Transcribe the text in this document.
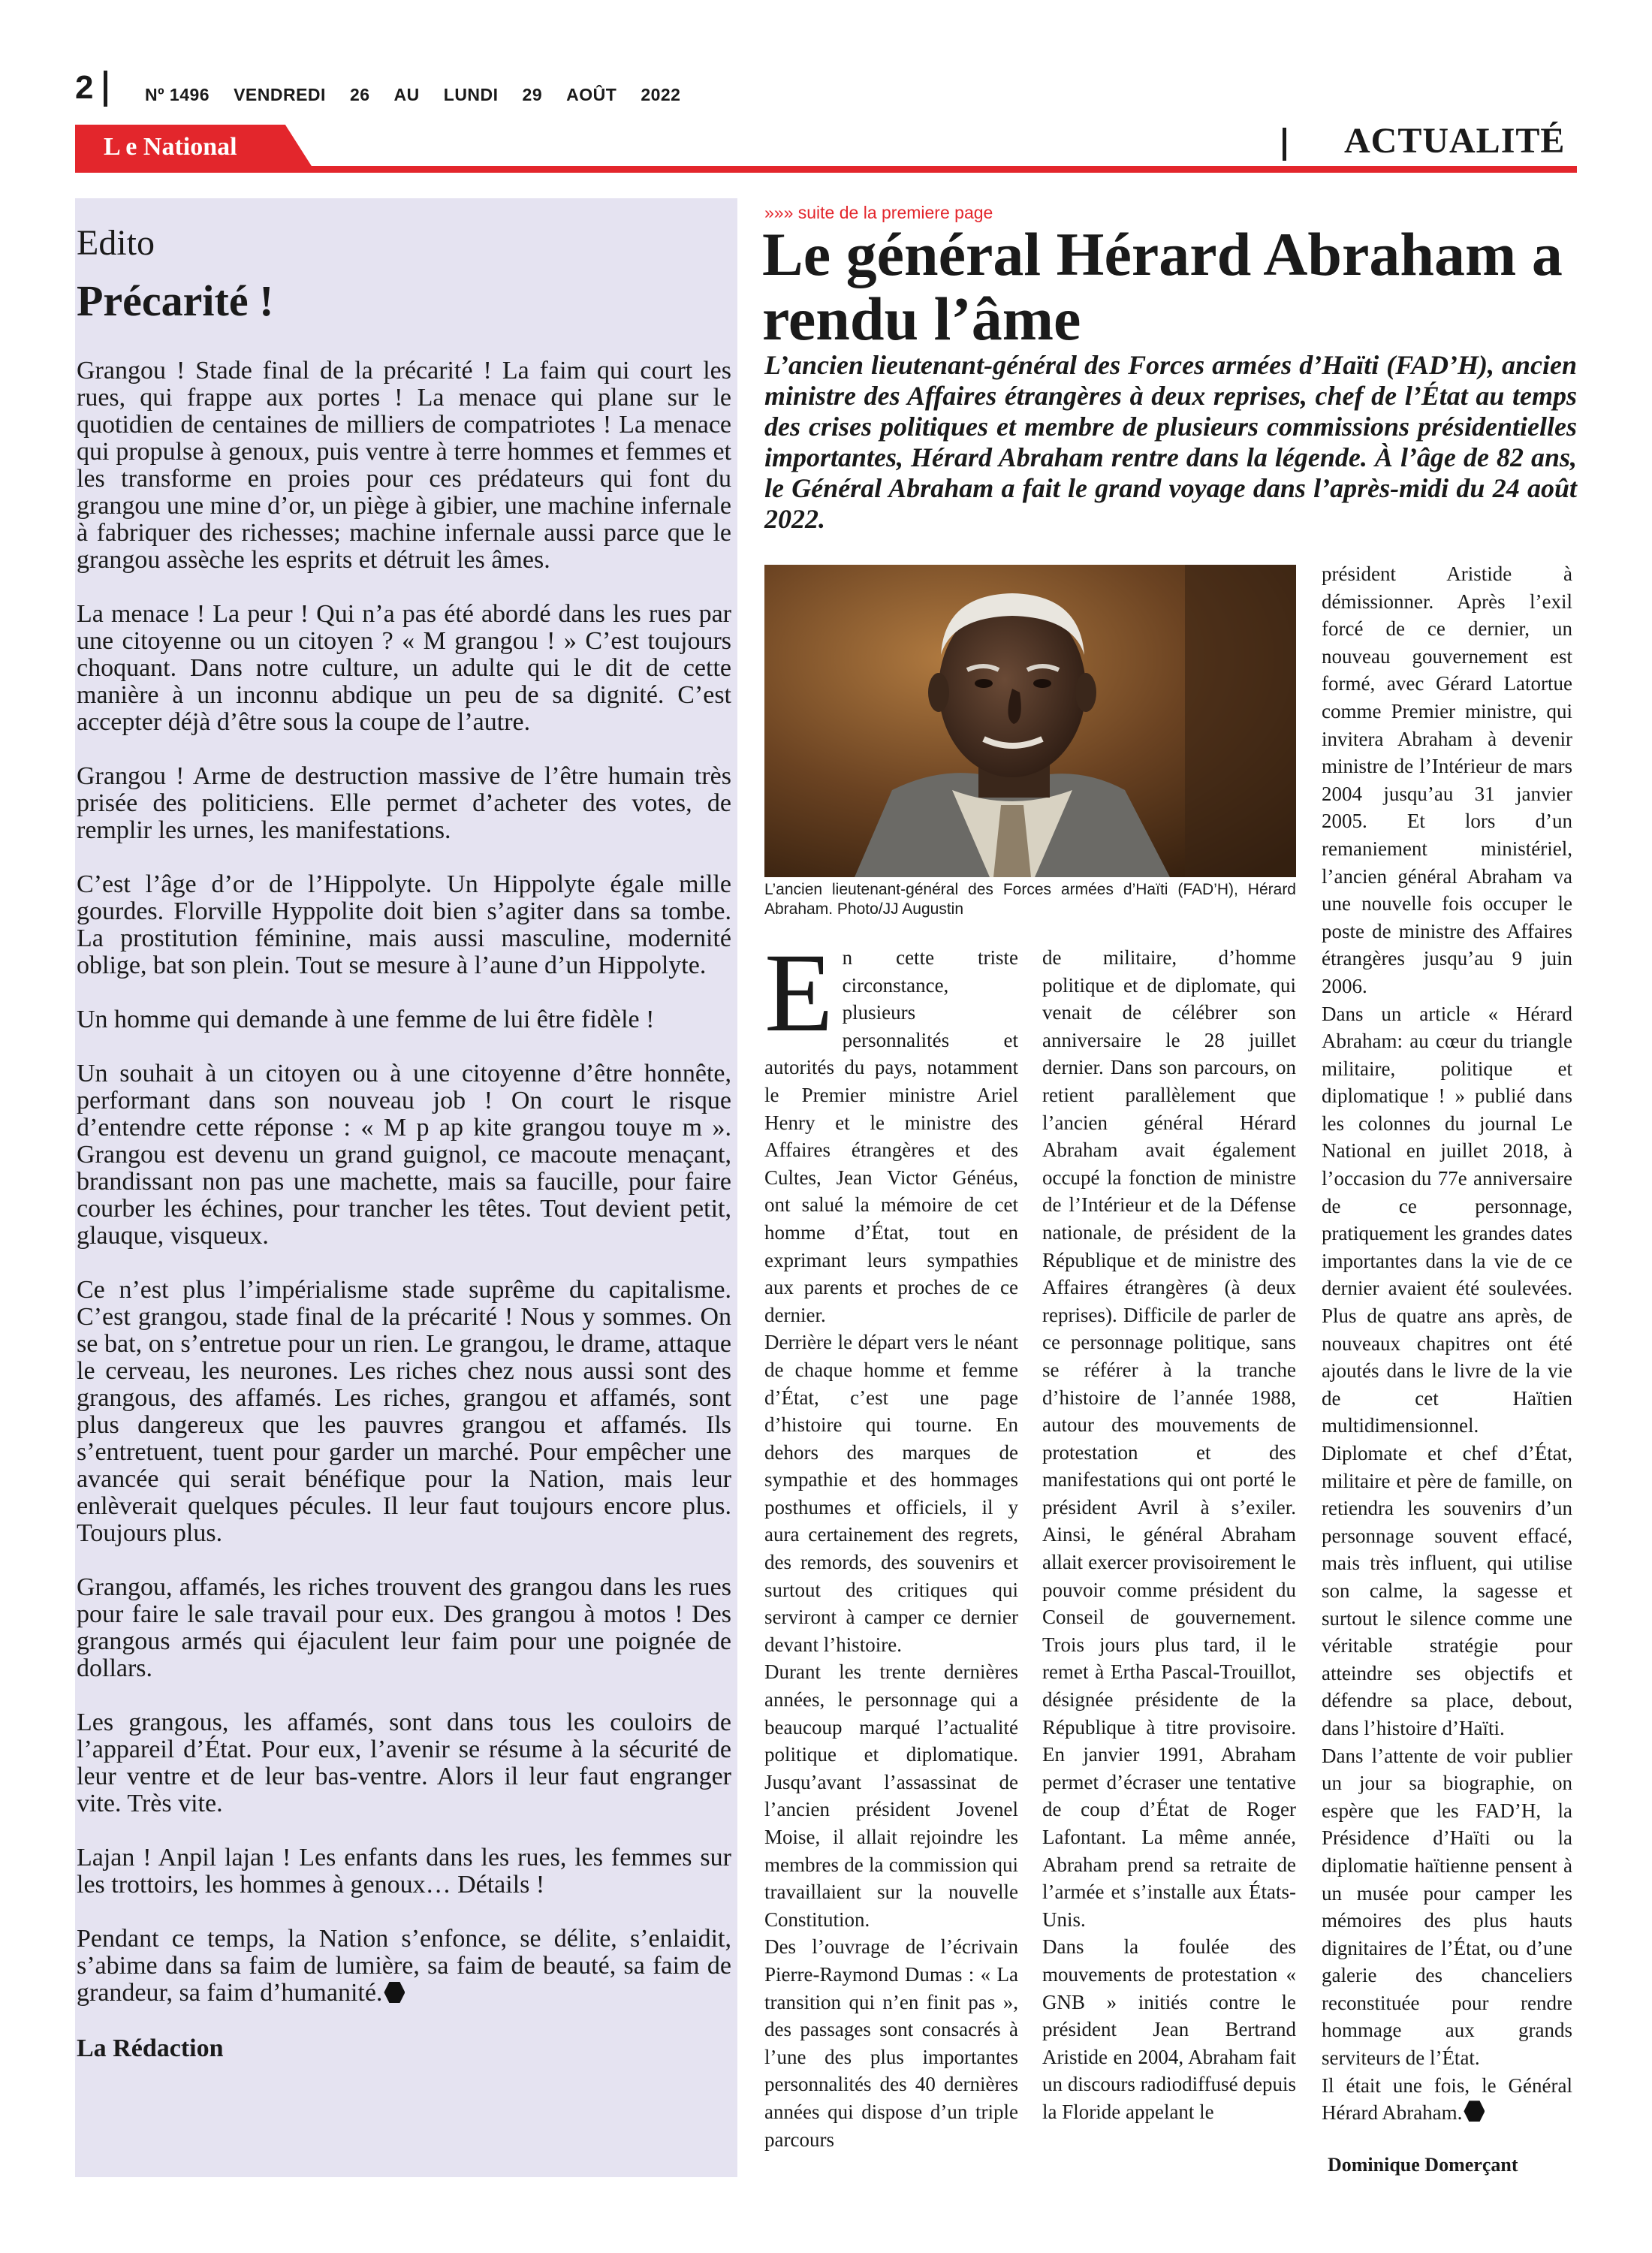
2	Nº 1496 VENDREDI 26 AU LUNDI 29 AOÛT 2022
L e National	ACTUALITÉ
Edito
Précarité !

Grangou ! Stade final de la précarité ! La faim qui court les rues, qui frappe aux portes ! La menace qui plane sur le quotidien de centaines de milliers de compatriotes ! La menace qui propulse à genoux, puis ventre à terre hommes et femmes et les transforme en proies pour ces prédateurs qui font du grangou une mine d’or, un piège à gibier, une machine infernale à fabriquer des richesses; machine infernale aussi parce que le grangou assèche les esprits et détruit les âmes.

La menace ! La peur ! Qui n’a pas été abordé dans les rues par une citoyenne ou un citoyen ? « M grangou ! » C’est toujours choquant. Dans notre culture, un adulte qui le dit de cette manière à un inconnu abdique un peu de sa dignité. C’est accepter déjà d’être sous la coupe de l’autre.

Grangou ! Arme de destruction massive de l’être humain très prisée des politiciens. Elle permet d’acheter des votes, de remplir les urnes, les manifestations.

C’est l’âge d’or de l’Hippolyte. Un Hippolyte égale mille gourdes. Florville Hyppolite doit bien s’agiter dans sa tombe. La prostitution féminine, mais aussi masculine, modernité oblige, bat son plein. Tout se mesure à l’aune d’un Hippolyte.

Un homme qui demande à une femme de lui être fidèle !

Un souhait à un citoyen ou à une citoyenne d’être honnête, performant dans son nouveau job ! On court le risque d’entendre cette réponse : « M p ap kite grangou touye m ». Grangou est devenu un grand guignol, ce macoute menaçant, brandissant non pas une machette, mais sa faucille, pour faire courber les échines, pour trancher les têtes. Tout devient petit, glauque, visqueux.

Ce n’est plus l’impérialisme stade suprême du capitalisme. C’est grangou, stade final de la précarité ! Nous y sommes. On se bat, on s’entretue pour un rien. Le grangou, le drame, attaque le cerveau, les neurones. Les riches chez nous aussi sont des grangous, des affamés. Les riches, grangou et affamés, sont plus dangereux que les pauvres grangou et affamés. Ils s’entretuent, tuent pour garder un marché. Pour empêcher une avancée qui serait bénéfique pour la Nation, mais leur enlèverait quelques pécules. Il leur faut toujours encore plus. Toujours plus.

Grangou, affamés, les riches trouvent des grangou dans les rues pour faire le sale travail pour eux. Des grangou à motos ! Des grangous armés qui éjaculent leur faim pour une poignée de dollars.

Les grangous, les affamés, sont dans tous les couloirs de l’appareil d’État. Pour eux, l’avenir se résume à la sécurité de leur ventre et de leur bas-ventre. Alors il leur faut engranger vite. Très vite.

Lajan ! Anpil lajan ! Les enfants dans les rues, les femmes sur les trottoirs, les hommes à genoux… Détails !

Pendant ce temps, la Nation s’enfonce, se délite, s’enlaidit, s’abime dans sa faim de lumière, sa faim de beauté, sa faim de grandeur, sa faim d’humanité.

La Rédaction
»»» suite de la premiere page
Le général Hérard Abraham a rendu l’âme
L’ancien lieutenant-général des Forces armées d’Haïti (FAD’H), ancien ministre des Affaires étrangères à deux reprises, chef de l’État au temps des crises politiques et membre de plusieurs commissions présidentielles importantes, Hérard Abraham rentre dans la légende. À l’âge de 82 ans, le Général Abraham a fait le grand voyage dans l’après-midi du 24 août 2022.
L’ancien lieutenant-général des Forces armées d’Haïti (FAD’H), Hérard Abraham. Photo/JJ Augustin

En cette triste circonstance, plusieurs personnalités et autorités du pays, notamment le Premier ministre Ariel Henry et le ministre des Affaires étrangères et des Cultes, Jean Victor Généus, ont salué la mémoire de cet homme d’État, tout en exprimant leurs sympathies aux parents et proches de ce dernier.

Derrière le départ vers le néant de chaque homme et femme d’État, c’est une page d’histoire qui tourne. En dehors des marques de sympathie et des hommages posthumes et officiels, il y aura certainement des regrets, des remords, des souvenirs et surtout des critiques qui serviront à camper ce dernier devant l’histoire.

Durant les trente dernières années, le personnage qui a beaucoup marqué l’actualité politique et diplomatique. Jusqu’avant l’assassinat de l’ancien président Jovenel Moise, il allait rejoindre les membres de la commission qui travaillaient sur la nouvelle Constitution.

Des l’ouvrage de l’écrivain Pierre-Raymond Dumas : « La transition qui n’en finit pas », des passages sont consacrés à l’une des plus importantes personnalités des 40 dernières années qui dispose d’un triple parcours

de militaire, d’homme politique et de diplomate, qui venait de célébrer son anniversaire le 28 juillet dernier. Dans son parcours, on retient parallèlement que l’ancien général Hérard Abraham avait également occupé la fonction de ministre de l’Intérieur et de la Défense nationale, de président de la République et de ministre des Affaires étrangères (à deux reprises). Difficile de parler de ce personnage politique, sans se référer à la tranche d’histoire de l’année 1988, autour des mouvements de protestation et des manifestations qui ont porté le président Avril à s’exiler. Ainsi, le général Abraham allait exercer provisoirement le pouvoir comme président du Conseil de gouvernement. Trois jours plus tard, il le remet à Ertha Pascal-Trouillot, désignée présidente de la République à titre provisoire. En janvier 1991, Abraham permet d’écraser une tentative de coup d’État de Roger Lafontant. La même année, Abraham prend sa retraite de l’armée et s’installe aux États-Unis.

Dans la foulée des mouvements de protestation « GNB » initiés contre le président Jean Bertrand Aristide en 2004, Abraham fait un discours radiodiffusé depuis la Floride appelant le

président Aristide à démissionner. Après l’exil forcé de ce dernier, un nouveau gouvernement est formé, avec Gérard Latortue comme Premier ministre, qui invitera Abraham à devenir ministre de l’Intérieur de mars 2004 jusqu’au 31 janvier 2005. Et lors d’un remaniement ministériel, l’ancien général Abraham va une nouvelle fois occuper le poste de ministre des Affaires étrangères jusqu’au 9 juin 2006.

Dans un article « Hérard Abraham: au cœur du triangle militaire, politique et diplomatique ! » publié dans les colonnes du journal Le National en juillet 2018, à l’occasion du 77e anniversaire de ce personnage, pratiquement les grandes dates importantes dans la vie de ce dernier avaient été soulevées. Plus de quatre ans après, de nouveaux chapitres ont été ajoutés dans le livre de la vie de cet Haïtien multidimensionnel.

Diplomate et chef d’État, militaire et père de famille, on retiendra les souvenirs d’un personnage souvent effacé, mais très influent, qui utilise son calme, la sagesse et surtout le silence comme une véritable stratégie pour atteindre ses objectifs et défendre sa place, debout, dans l’histoire d’Haïti.

Dans l’attente de voir publier un jour sa biographie, on espère que les FAD’H, la Présidence d’Haïti ou la diplomatie haïtienne pensent à un musée pour camper les mémoires des plus hauts dignitaires de l’État, ou d’une galerie des chanceliers reconstituée pour rendre hommage aux grands serviteurs de l’État.

Il était une fois, le Général Hérard Abraham.

Dominique Domerçant
